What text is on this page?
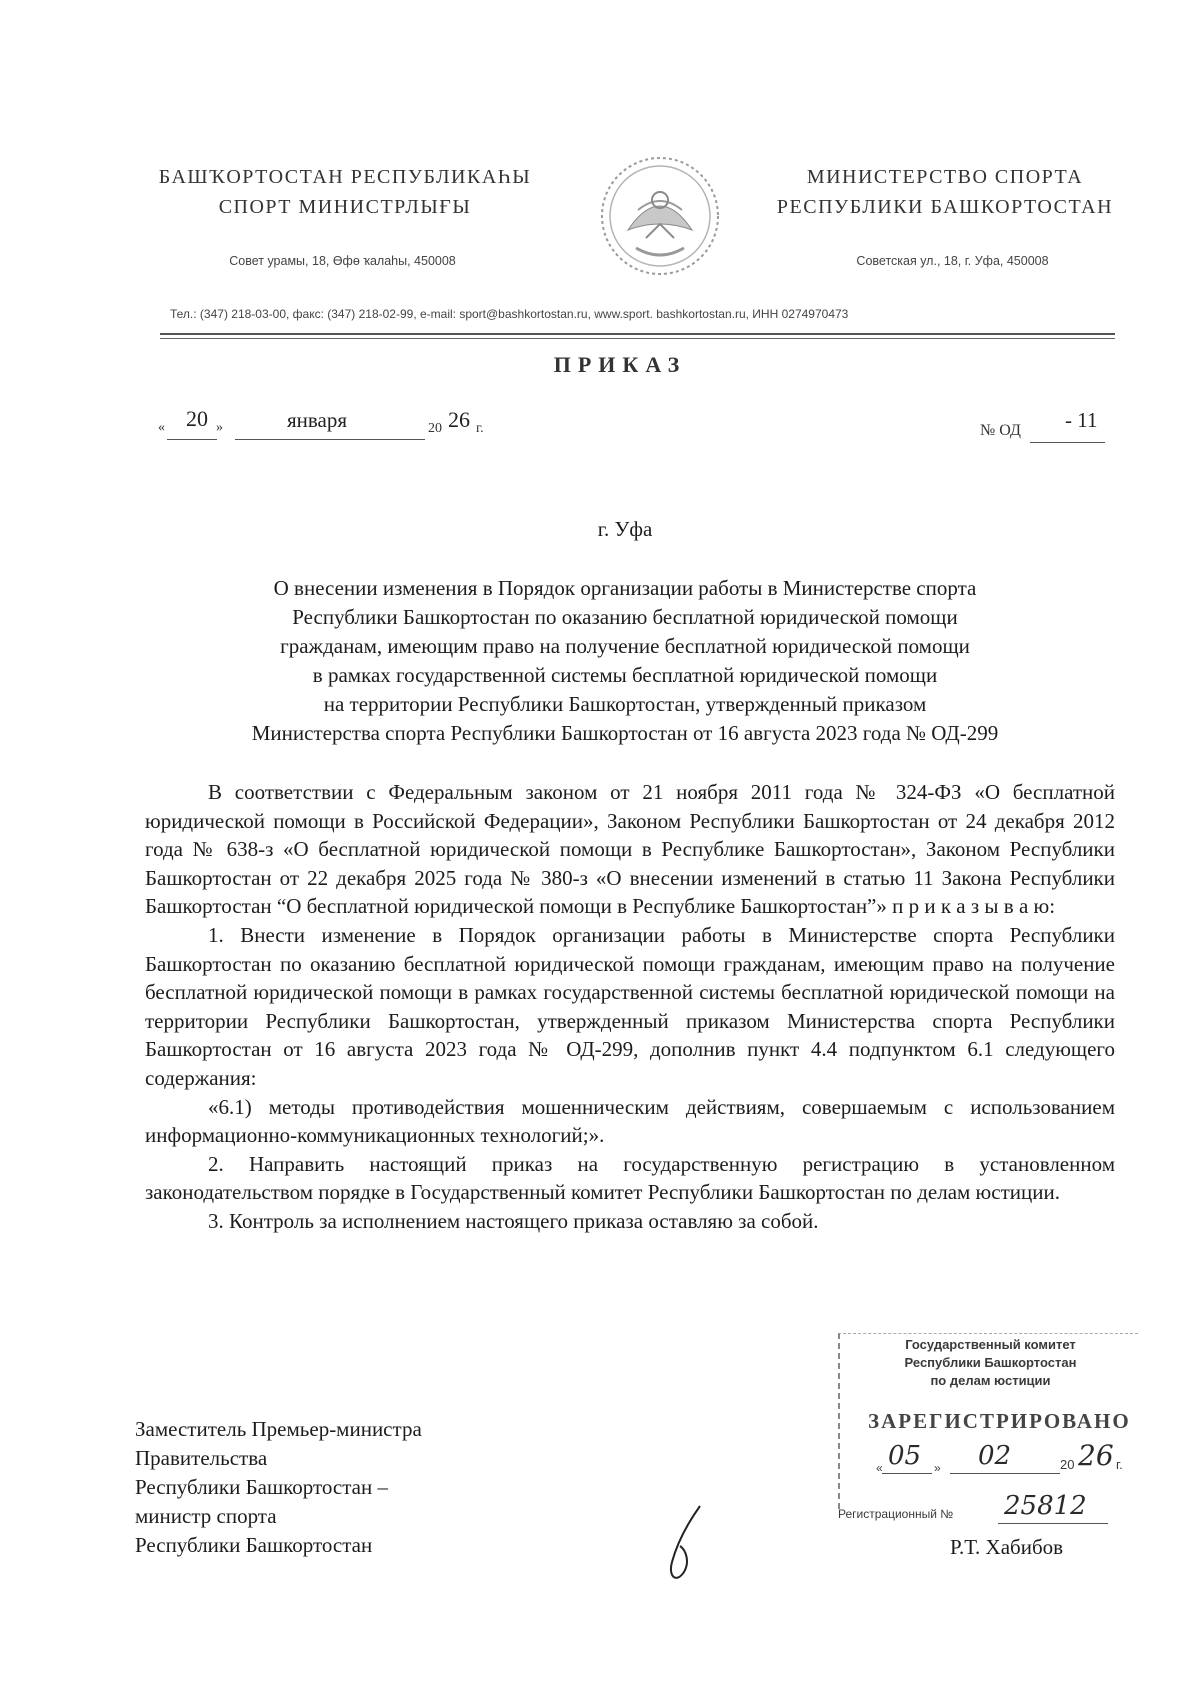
БАШҠОРТОСТАН РЕСПУБЛИКАҺЫ
СПОРТ МИНИСТРЛЫҒЫ
Совет урамы, 18, Өфө ҡалаһы, 450008
МИНИСТЕРСТВО СПОРТА
РЕСПУБЛИКИ БАШКОРТОСТАН
Советская ул., 18, г. Уфа, 450008
Тел.: (347) 218-03-00, факс: (347) 218-02-99, e-mail: sport@bashkortostan.ru, www.sport. bashkortostan.ru, ИНН 0274970473
ПРИКАЗ
« 20 »	января	20 26 г.	№ ОД - 11
г. Уфа
О внесении изменения в Порядок организации работы в Министерстве спорта
Республики Башкортостан по оказанию бесплатной юридической помощи
гражданам, имеющим право на получение бесплатной юридической помощи
в рамках государственной системы бесплатной юридической помощи
на территории Республики Башкортостан, утвержденный приказом
Министерства спорта Республики Башкортостан от 16 августа 2023 года № ОД-299

В соответствии с Федеральным законом от 21 ноября 2011 года № 324-ФЗ «О бесплатной юридической помощи в Российской Федерации», Законом Республики Башкортостан от 24 декабря 2012 года № 638-з «О бесплатной юридической помощи в Республике Башкортостан», Законом Республики Башкортостан от 22 декабря 2025 года № 380-з «О внесении изменений в статью 11 Закона Республики Башкортостан “О бесплатной юридической помощи в Республике Башкортостан”» п р и к а з ы в а ю:

1. Внести изменение в Порядок организации работы в Министерстве спорта Республики Башкортостан по оказанию бесплатной юридической помощи гражданам, имеющим право на получение бесплатной юридической помощи в рамках государственной системы бесплатной юридической помощи на территории Республики Башкортостан, утвержденный приказом Министерства спорта Республики Башкортостан от 16 августа 2023 года № ОД-299, дополнив пункт 4.4 подпунктом 6.1 следующего содержания:

«6.1) методы противодействия мошенническим действиям, совершаемым с использованием информационно-коммуникационных технологий;».

2. Направить настоящий приказ на государственную регистрацию в установленном законодательством порядке в Государственный комитет Республики Башкортостан по делам юстиции.

3. Контроль за исполнением настоящего приказа оставляю за собой.

Государственный комитет
Республики Башкортостан
по делам юстиции
ЗАРЕГИСТРИРОВАНО
« 05 » 02	20 26 г.
Регистрационный № 25812
Заместитель Премьер-министра
Правительства
Республики Башкортостан –
министр спорта
Республики Башкортостан	Р.Т. Хабибов
